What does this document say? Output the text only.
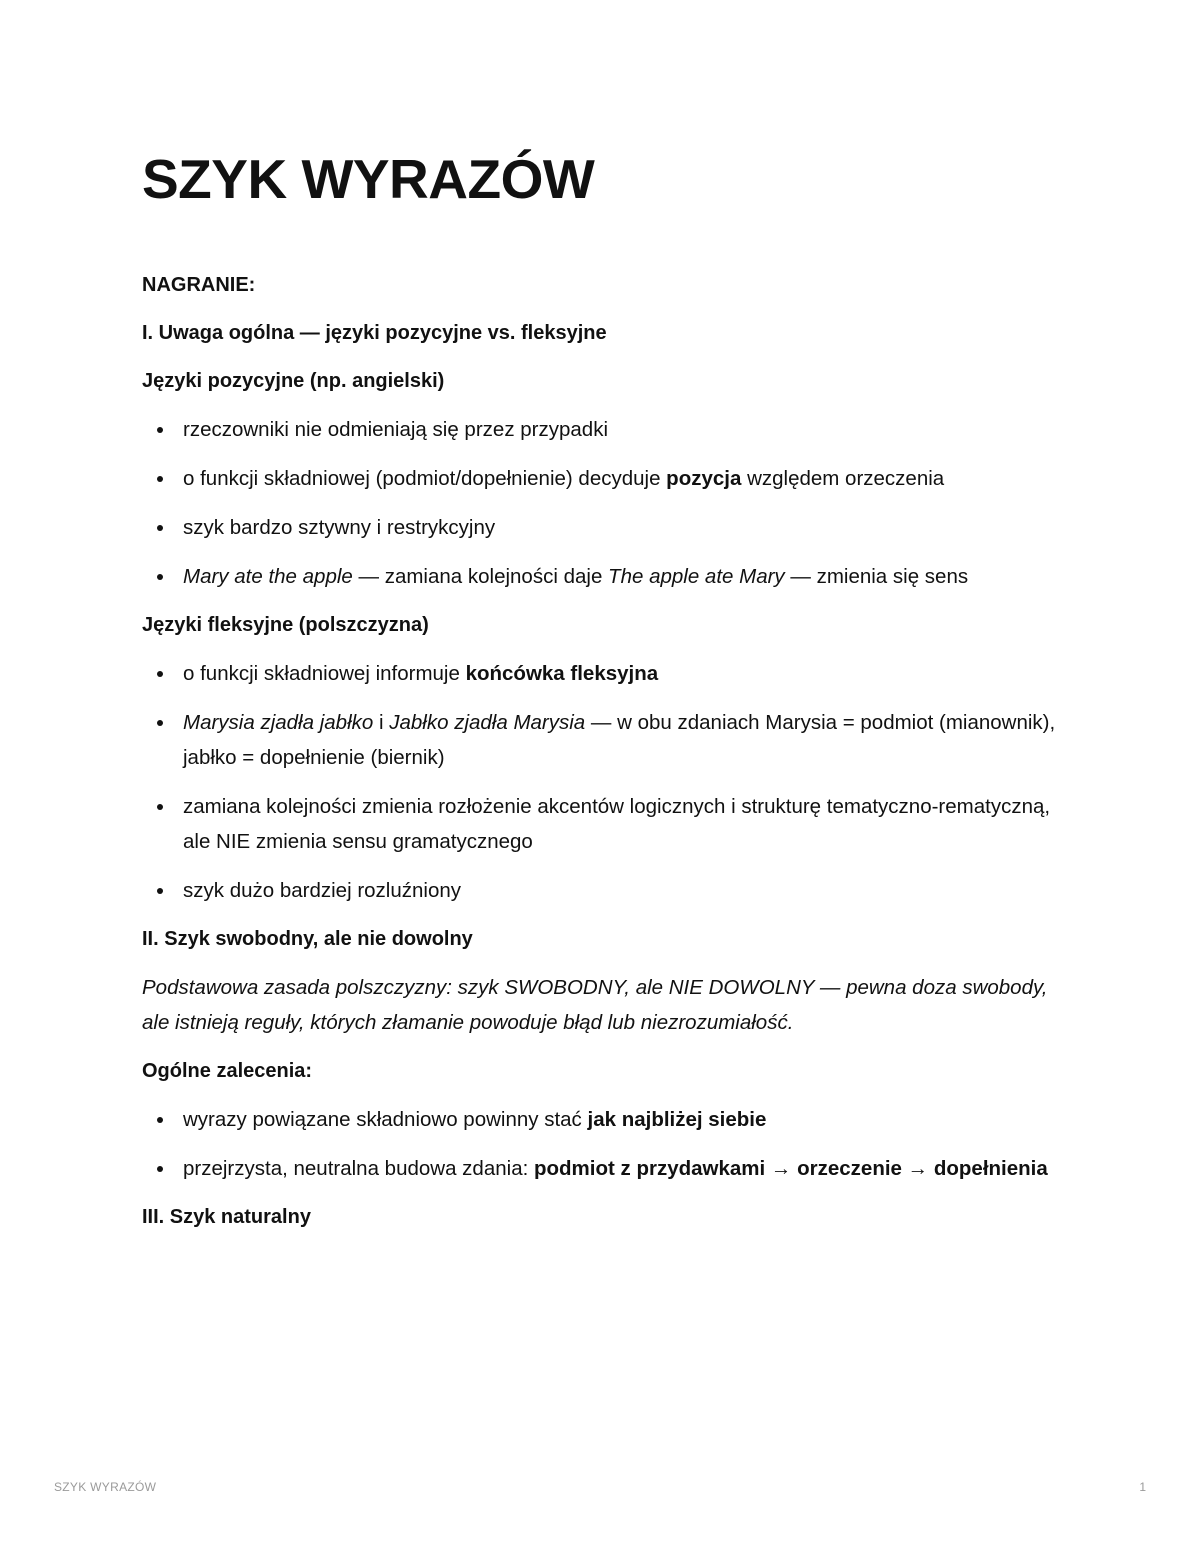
SZYK WYRAZÓW
NAGRANIE:
I. Uwaga ogólna — języki pozycyjne vs. fleksyjne
Języki pozycyjne (np. angielski)
rzeczowniki nie odmieniają się przez przypadki
o funkcji składniowej (podmiot/dopełnienie) decyduje pozycja względem orzeczenia
szyk bardzo sztywny i restrykcyjny
Mary ate the apple — zamiana kolejności daje The apple ate Mary — zmienia się sens
Języki fleksyjne (polszczyzna)
o funkcji składniowej informuje końcówka fleksyjna
Marysia zjadła jabłko i Jabłko zjadła Marysia — w obu zdaniach Marysia = podmiot (mianownik), jabłko = dopełnienie (biernik)
zamiana kolejności zmienia rozłożenie akcentów logicznych i strukturę tematyczno-rematyczną, ale NIE zmienia sensu gramatycznego
szyk dużo bardziej rozluźniony
II. Szyk swobodny, ale nie dowolny

Podstawowa zasada polszczyzny: szyk SWOBODNY, ale NIE DOWOLNY — pewna doza swobody, ale istnieją reguły, których złamanie powoduje błąd lub niezrozumiałość.

Ogólne zalecenia:
wyrazy powiązane składniowo powinny stać jak najbliżej siebie
przejrzysta, neutralna budowa zdania: podmiot z przydawkami → orzeczenie → dopełnienia
III. Szyk naturalny
SZYK WYRAZÓW	1
